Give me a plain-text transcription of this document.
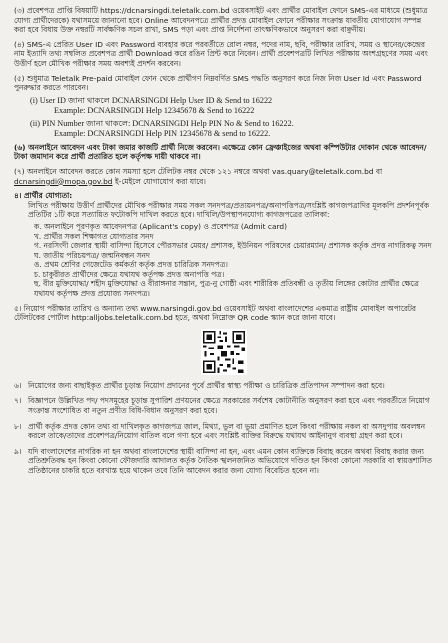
(৩) প্রবেশপত্র প্রাপ্তি বিষয়াটি https://dcnarsingdi.teletalk.com.bd ওয়েবসাইট এবং প্রার্থীর মোবাইল ফোনে SMS-এর মাধ্যমে (শুধুমাত্র যোগ্য প্রার্থীদেরকে) যথাসময়ে জানানো হবে। Online আবেদনপত্রে প্রার্থীর প্রদত্ত মোবাইল ফোনে পরীক্ষার সংক্রান্ত যাবতীয় যোগাযোগ সম্পন্ন করা হবে বিধায় উক্ত নম্বরটি সার্বক্ষণিক সচল রাখা, SMS পড়া এবং প্রাপ্ত নির্দেশনা তাৎক্ষণিকভাবে অনুসরণ করা বাঞ্ছনীয়।
(৪) SMS-এ প্রেরিত User ID এবং Password ব্যবহার করে পরবর্তীতে রোল নম্বর, পদের নাম, ছবি, পরীক্ষার তারিখ, সময় ও স্থানের/কেন্দ্রের নাম ইত্যাদি তথ্য সম্বলিত প্রবেশপত্র প্রার্থী Download করে রঙিন প্রিন্ট করে নিবেন। প্রার্থী প্রবেশপত্রটি লিখিত পরীক্ষায় অংশগ্রহণের সময় এবং উত্তীর্ণ হলে মৌখিক পরীক্ষার সময় অবশ্যই প্রদর্শন করবেন।
(৫) শুধুমাত্র Teletalk Pre-paid মোবাইল ফোন থেকে প্রার্থীগণ নিম্নবর্ণিত SMS পদ্ধতি অনুসরণ করে নিজ নিজ User Id এবং Password পুনরুদ্ধার করতে পারবেন।
(i) User ID জানা থাকলে DCNARSINGDI Help User ID & Send to 16222
Example: DCNARSINGDI Help 12345678 & Send to 16222
(ii) PIN Number জানা থাকলে: DCNARSINGDI Help PIN No & Send to 16222.
Example: DCNARSINGDI Help PIN 12345678 & send to 16222.
(৬) অনলাইনে আবেদন এবং টাকা জমার কাজটি প্রার্থী নিজে করবেন। এক্ষেত্রে কোন ফ্রেঞ্চাইজের অথবা কম্পিউটার দোকান থেকে আবেদন/টাকা জমাদান করে প্রার্থী প্রতারিত হলে কর্তৃপক্ষ দায়ী থাকবে না।
(৭) অনলাইনে আবেদন করতে কোন সমস্যা হলে টেলিটক নম্বর থেকে ১২১ নম্বরে অথবা vas.quary@teletalk.com.bd বা dcnarsingdi@mopa.gov.bd ই-মেইলে যোগাযোগ করা যাবে।
৪। প্রার্থীর যোগ্যতা:
লিখিত পরীক্ষায় উত্তীর্ণ প্রার্থীদের মৌখিক পরীক্ষার সময় সকল সনদপত্র/প্রত্যয়নপত্র/অনাপত্তিপত্র/সংশ্লিষ্ট কাগজপত্রাদির মূলকপি প্রদর্শনপূর্বক প্রতিটির ১টি করে সত্যায়িত ফটোকপি দাখিল করতে হবে। দাখিলি/উপস্থাপনযোগ্য কাগজপত্রের তালিকা:
ক. অনলাইনে পূরণকৃত আবেদনপত্র (Aplicant's copy) ও প্রবেশপত্র (Admit card)
খ. প্রার্থীর সকল শিক্ষাগত যোগ্যতার সনদ
গ. নরসিংদী জেলার স্থায়ী বাসিন্দা হিসেবে পৌরসভার মেয়র/ প্রশাসক, ইউনিয়ন পরিষদের চেয়ারম্যান/ প্রশাসক কর্তৃক প্রদত্ত নাগরিকত্ব সনদ
ঘ. জাতীয় পরিচয়পত্র/ জন্মনিবন্ধন সনদ
ঙ. প্রথম শ্রেণির গেজেটেড কর্মকর্তা কর্তৃক প্রদত্ত চারিত্রিক সনদপত্র।
চ. চাকুরীরত প্রার্থীদের ক্ষেত্রে যথাযথ কর্তৃপক্ষ প্রদত্ত অনাপত্তি পত্র।
ছ. বীর মুক্তিযোদ্ধা/ শহীদ মুক্তিযোদ্ধা ও বীরাঙ্গনার সন্তান, পুত্র-নু গোষ্ঠী এবং শারীরিক প্রতিবন্ধী ও তৃতীয় লিঙ্গের কোটার প্রার্থীর ক্ষেত্রে যথাযথ কর্তৃপক্ষ প্রদত্ত প্রযোজ্য সনদপত্র।
৫। নিয়োগ পরীক্ষার তারিখ ও অন্যান্য তথ্য www.narsingdi.gov.bd ওয়েবসাইট অথবা বাংলাদেশের একমাত্র রাষ্ট্রীয় মোবাইল অপারেটর টেলিটকের পোর্টাল http:alljobs.teletalk.com.bd হতে, অথবা নিম্নোক্ত QR code স্ক্যান করে জানা যাবে।
৬। নিয়োগের জন্য বাছাইকৃত প্রার্থীর চূড়ান্ত নিয়োগ প্রদানের পূর্বে প্রার্থীর স্বাস্থ্য পরীক্ষা ও চারিত্রিক প্রতিপাদন সম্পাদন করা হবে।
৭। বিজ্ঞাপনে উল্লিখিত পদ/ পদসমূহের চূড়ান্ত সুপারিশ প্রণয়নের ক্ষেত্রে সরকারের সর্বশেষ কোটানীতি অনুসরণ করা হবে এবং পরবর্তীতে নিয়োগ সংক্রান্ত সংশোধিত বা নতুন প্রণীত বিধি-বিধান অনুসরণ করা হবে।
৮। প্রার্থী কর্তৃক প্রদত্ত কোন তথ্য বা দাখিলকৃত কাগজপত্র জাল, মিথ্যা, ভুল বা ভুয়া প্রমাণিত হলে কিংবা পরীক্ষায় নকল বা অসদুপায় অবলম্বন করলে তাকে/তাদের প্রবেশপত্র/নিয়োগ বাতিল বলে গণ্য হবে এবং সংশ্লিষ্ট ব্যক্তির বিরুদ্ধে যথাযথ আইনানুগ ব্যবস্থা গ্রহণ করা হবে।
৯। যদি বাংলাদেশের নাগরিক না হন অথবা বাংলাদেশের স্থায়ী বাসিন্দা না হন, এবং এমন কোন ব্যক্তিকে বিবাহ করেন অথবা বিবাহ করার জন্য প্রতিশ্রুতিবদ্ধ হন কিংবা কোনো ফৌজদারি আদালত কর্তৃক নৈতিক স্খলনজনিত অভিযোগে দণ্ডিত হন কিংবা কোনো সরকারি বা স্বায়ত্তশাসিত প্রতিষ্ঠানের চাকরি হতে বরখাস্ত হয়ে থাকেন তবে তিনি আবেদন করার জন্য যোগ্য বিবেচিত হবেন না।
